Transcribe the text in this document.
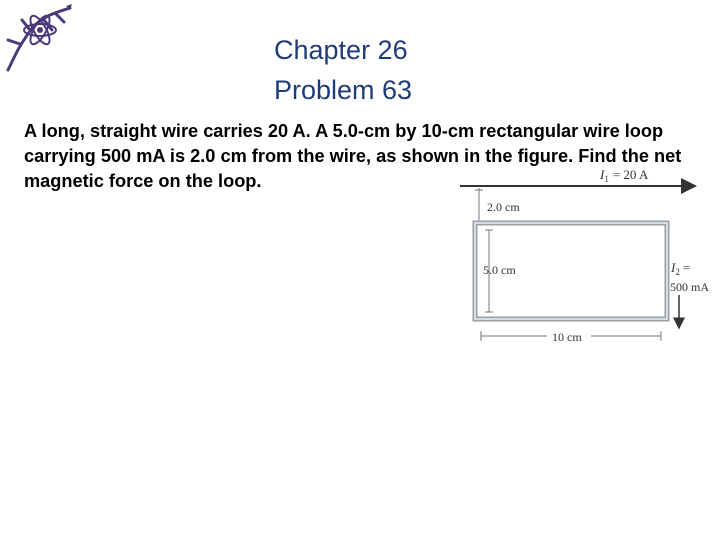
Chapter 26
Problem 63
A long, straight wire carries 20 A. A 5.0-cm by 10-cm rectangular wire loop carrying 500 mA is 2.0 cm from the wire, as shown in the figure. Find the net magnetic force on the loop.	$I_1 = 20$ A
2.0 cm
5.0 cm
10 cm
$I_2$ =
500 mA
